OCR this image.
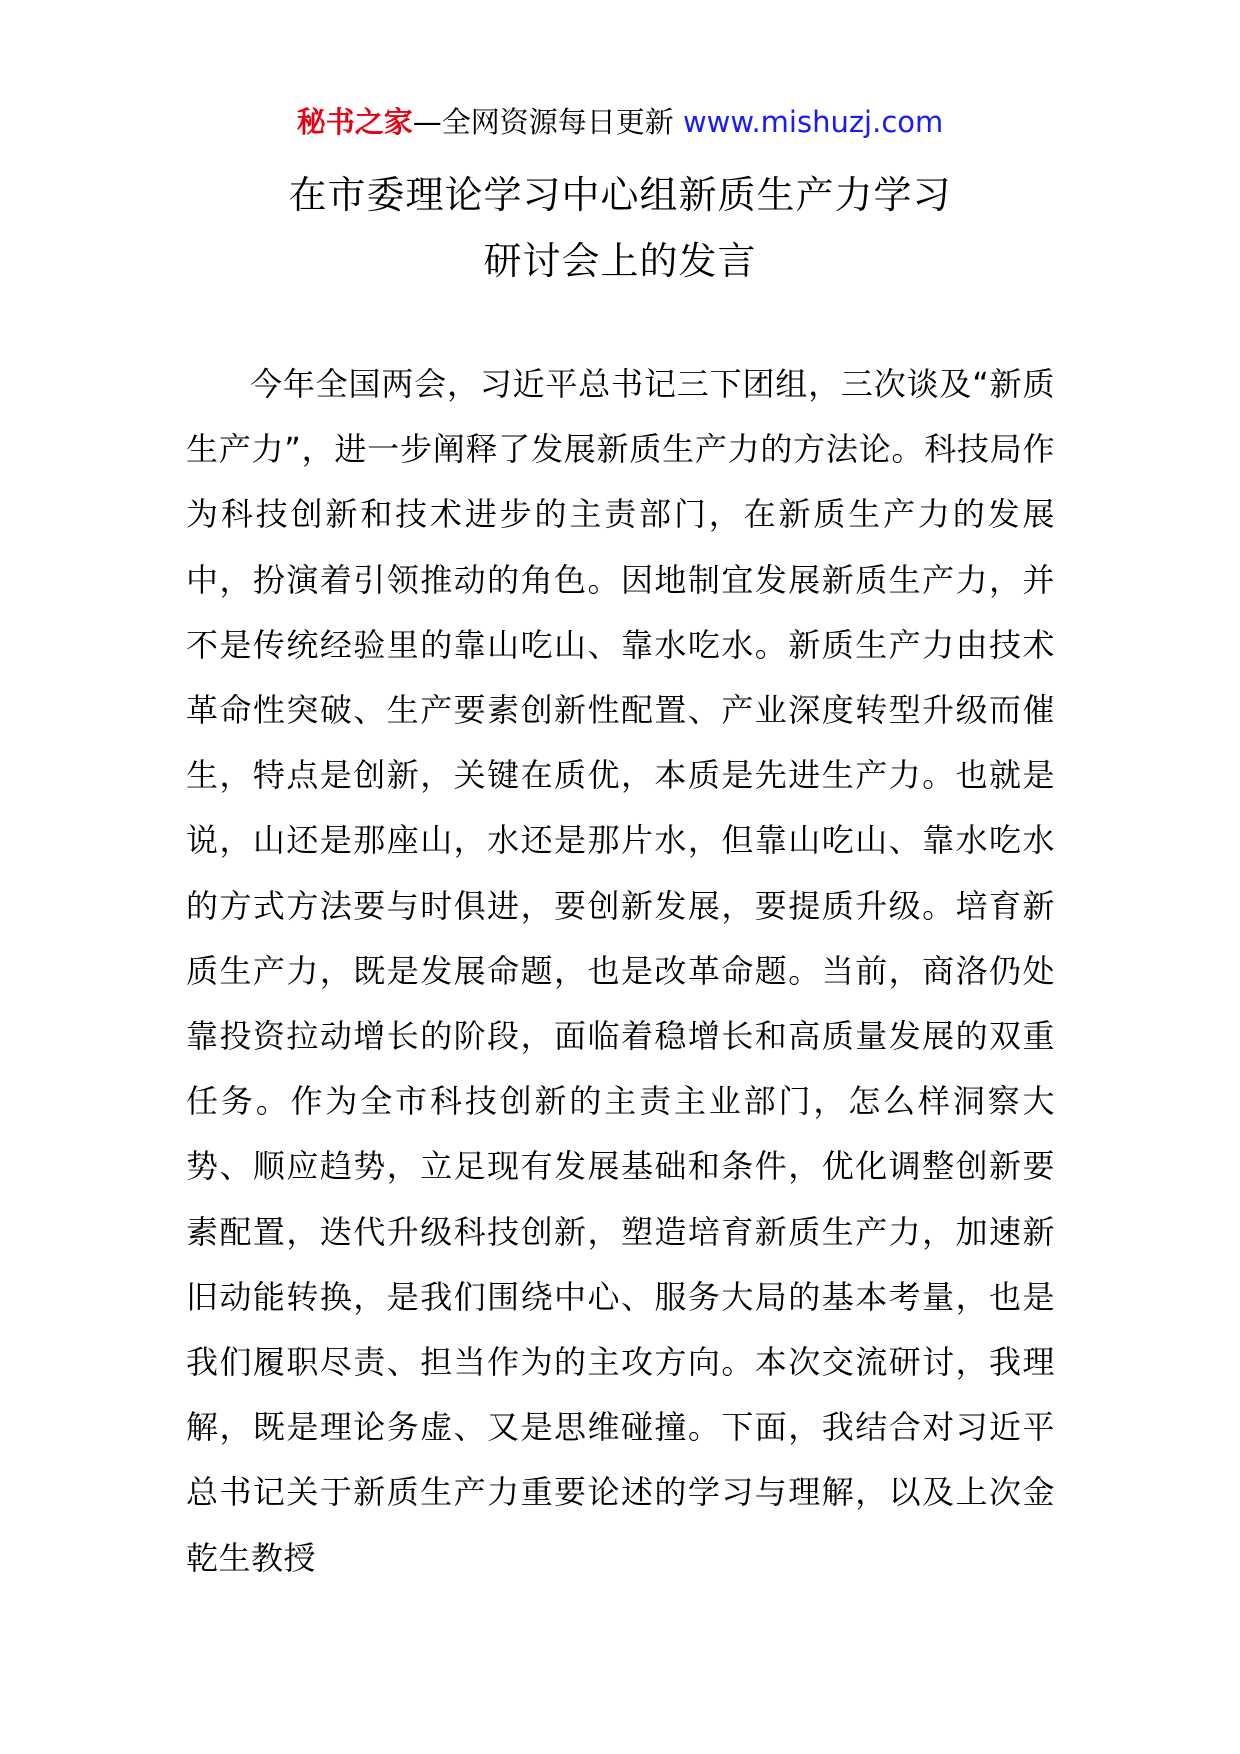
秘书之家—全网资源每日更新 www.mishuzj.com
在市委理论学习中心组新质生产力学习
研讨会上的发言

今年全国两会，习近平总书记三下团组，三次谈及“新质生产力”，进一步阐释了发展新质生产力的方法论。科技局作为科技创新和技术进步的主责部门，在新质生产力的发展中，扮演着引领推动的角色。因地制宜发展新质生产力，并不是传统经验里的靠山吃山、靠水吃水。新质生产力由技术革命性突破、生产要素创新性配置、产业深度转型升级而催生，特点是创新，关键在质优，本质是先进生产力。也就是说，山还是那座山，水还是那片水，但靠山吃山、靠水吃水的方式方法要与时俱进，要创新发展，要提质升级。培育新质生产力，既是发展命题，也是改革命题。当前，商洛仍处靠投资拉动增长的阶段，面临着稳增长和高质量发展的双重任务。作为全市科技创新的主责主业部门，怎么样洞察大势、顺应趋势，立足现有发展基础和条件，优化调整创新要素配置，迭代升级科技创新，塑造培育新质生产力，加速新旧动能转换，是我们围绕中心、服务大局的基本考量，也是我们履职尽责、担当作为的主攻方向。本次交流研讨，我理解，既是理论务虚、又是思维碰撞。下面，我结合对习近平总书记关于新质生产力重要论述的学习与理解，以及上次金乾生教授
